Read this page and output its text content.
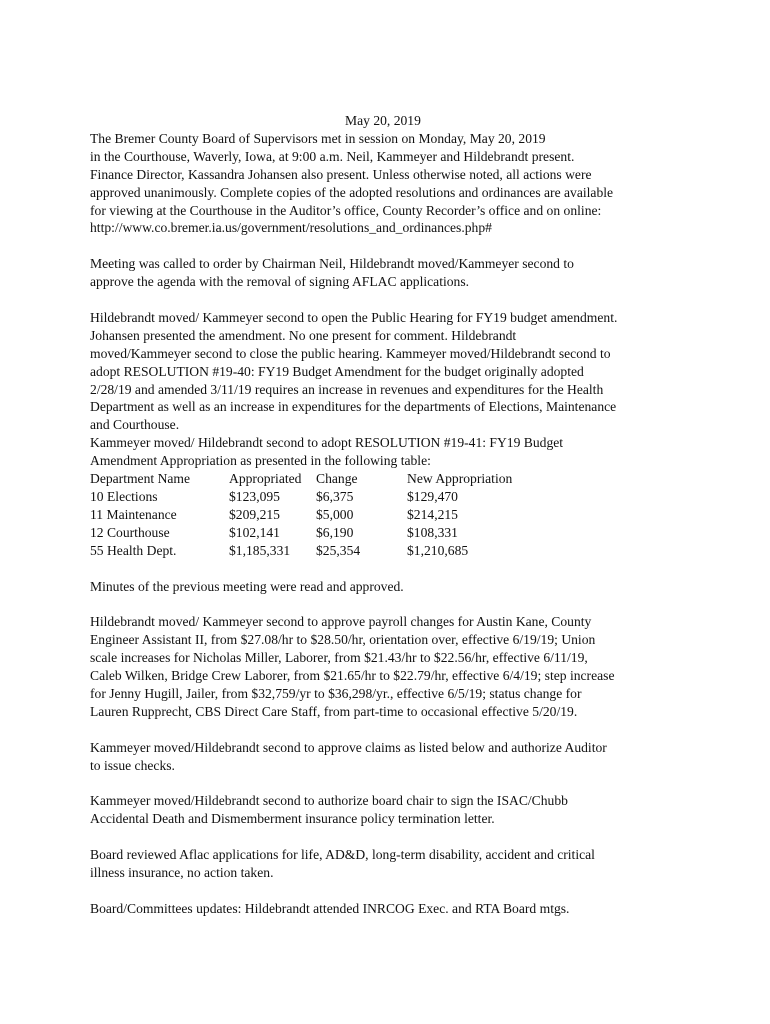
May 20, 2019
The Bremer County Board of Supervisors met in session on Monday, May 20, 2019
in the Courthouse, Waverly, Iowa, at 9:00 a.m. Neil, Kammeyer and Hildebrandt present.
Finance Director, Kassandra Johansen also present. Unless otherwise noted, all actions were
approved unanimously. Complete copies of the adopted resolutions and ordinances are available
for viewing at the Courthouse in the Auditor’s office, County Recorder’s office and on online:
http://www.co.bremer.ia.us/government/resolutions_and_ordinances.php#
Meeting was called to order by Chairman Neil, Hildebrandt moved/Kammeyer second to
approve the agenda with the removal of signing AFLAC applications.
Hildebrandt moved/ Kammeyer second to open the Public Hearing for FY19 budget amendment.
Johansen presented the amendment. No one present for comment. Hildebrandt
moved/Kammeyer second to close the public hearing. Kammeyer moved/Hildebrandt second to
adopt RESOLUTION #19-40: FY19 Budget Amendment for the budget originally adopted
2/28/19 and amended 3/11/19 requires an increase in revenues and expenditures for the Health
Department as well as an increase in expenditures for the departments of Elections, Maintenance
and Courthouse.
Kammeyer moved/ Hildebrandt second to adopt RESOLUTION #19-41: FY19 Budget
Amendment Appropriation as presented in the following table:
Department Name	Appropriated	Change	New Appropriation
10 Elections	$123,095	$6,375	$129,470
11 Maintenance	$209,215	$5,000	$214,215
12 Courthouse	$102,141	$6,190	$108,331
55 Health Dept.	$1,185,331	$25,354	$1,210,685
Minutes of the previous meeting were read and approved.
Hildebrandt moved/ Kammeyer second to approve payroll changes for Austin Kane, County
Engineer Assistant II, from $27.08/hr to $28.50/hr, orientation over, effective 6/19/19; Union
scale increases for Nicholas Miller, Laborer, from $21.43/hr to $22.56/hr, effective 6/11/19,
Caleb Wilken, Bridge Crew Laborer, from $21.65/hr to $22.79/hr, effective 6/4/19; step increase
for Jenny Hugill, Jailer, from $32,759/yr to $36,298/yr., effective 6/5/19; status change for
Lauren Rupprecht, CBS Direct Care Staff, from part-time to occasional effective 5/20/19.
Kammeyer moved/Hildebrandt second to approve claims as listed below and authorize Auditor
to issue checks.
Kammeyer moved/Hildebrandt second to authorize board chair to sign the ISAC/Chubb
Accidental Death and Dismemberment insurance policy termination letter.
Board reviewed Aflac applications for life, AD&D, long-term disability, accident and critical
illness insurance, no action taken.
Board/Committees updates: Hildebrandt attended INRCOG Exec. and RTA Board mtgs.
